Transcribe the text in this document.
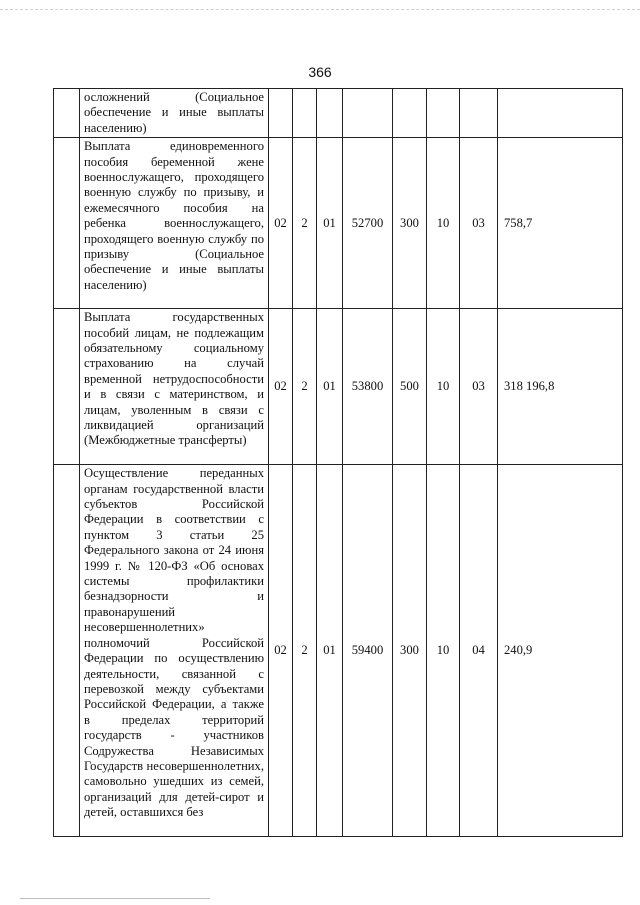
366
	осложнений (Социальное обеспечение и иные выплаты населению)								
	Выплата единовременного пособия беременной жене военнослужащего, проходящего военную службу по призыву, и ежемесячного пособия на ребенка военнослужащего, проходящего военную службу по призыву (Социальное обеспечение и иные выплаты населению)	02	2	01	52700	300	10	03	758,7
	Выплата государственных пособий лицам, не подлежащим обязательному социальному страхованию на случай временной нетрудоспособности и в связи с материнством, и лицам, уволенным в связи с ликвидацией организаций (Межбюджетные трансферты)	02	2	01	53800	500	10	03	318 196,8
	Осуществление переданных органам государственной власти субъектов Российской Федерации в соответствии с пунктом 3 статьи 25 Федерального закона от 24 июня 1999 г. № 120-ФЗ «Об основах системы профилактики безнадзорности и правонарушений несовершеннолетних» полномочий Российской Федерации по осуществлению деятельности, связанной с перевозкой между субъектами Российской Федерации, а также в пределах территорий государств - участников Содружества Независимых Государств несовершеннолетних, самовольно ушедших из семей, организаций для детей-сирот и детей, оставшихся без	02	2	01	59400	300	10	04	240,9
